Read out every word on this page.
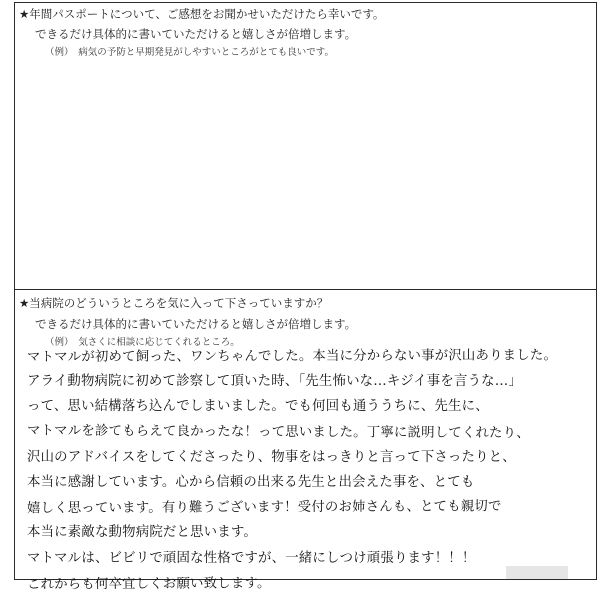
★年間パスポートについて、ご感想をお聞かせいただけたら幸いです。
できるだけ具体的に書いていただけると嬉しさが倍増します。
（例）　病気の予防と早期発見がしやすいところがとても良いです。
★当病院のどういうところを気に入って下さっていますか？
できるだけ具体的に書いていただけると嬉しさが倍増します。
（例）　気さくに相談に応じてくれるところ。
マトマルが初めて飼った、ワンちゃんでした。本当に分からない事が沢山ありました。
アライ動物病院に初めて診察して頂いた時、「先生怖いな…キジイ事を言うな…」
って、思い結構落ち込んでしまいました。でも何回も通ううちに、先生に、
マトマルを診てもらえて良かったな！って思いました。丁寧に説明してくれたり、
沢山のアドバイスをしてくださったり、物事をはっきりと言って下さったりと、
本当に感謝しています。心から信頼の出来る先生と出会えた事を、とても
嬉しく思っています。有り難うございます！受付のお姉さんも、とても親切で
本当に素敵な動物病院だと思います。
マトマルは、ビビリで頑固な性格ですが、一緒にしつけ頑張ります！！！
これからも何卒宜しくお願い致します。
